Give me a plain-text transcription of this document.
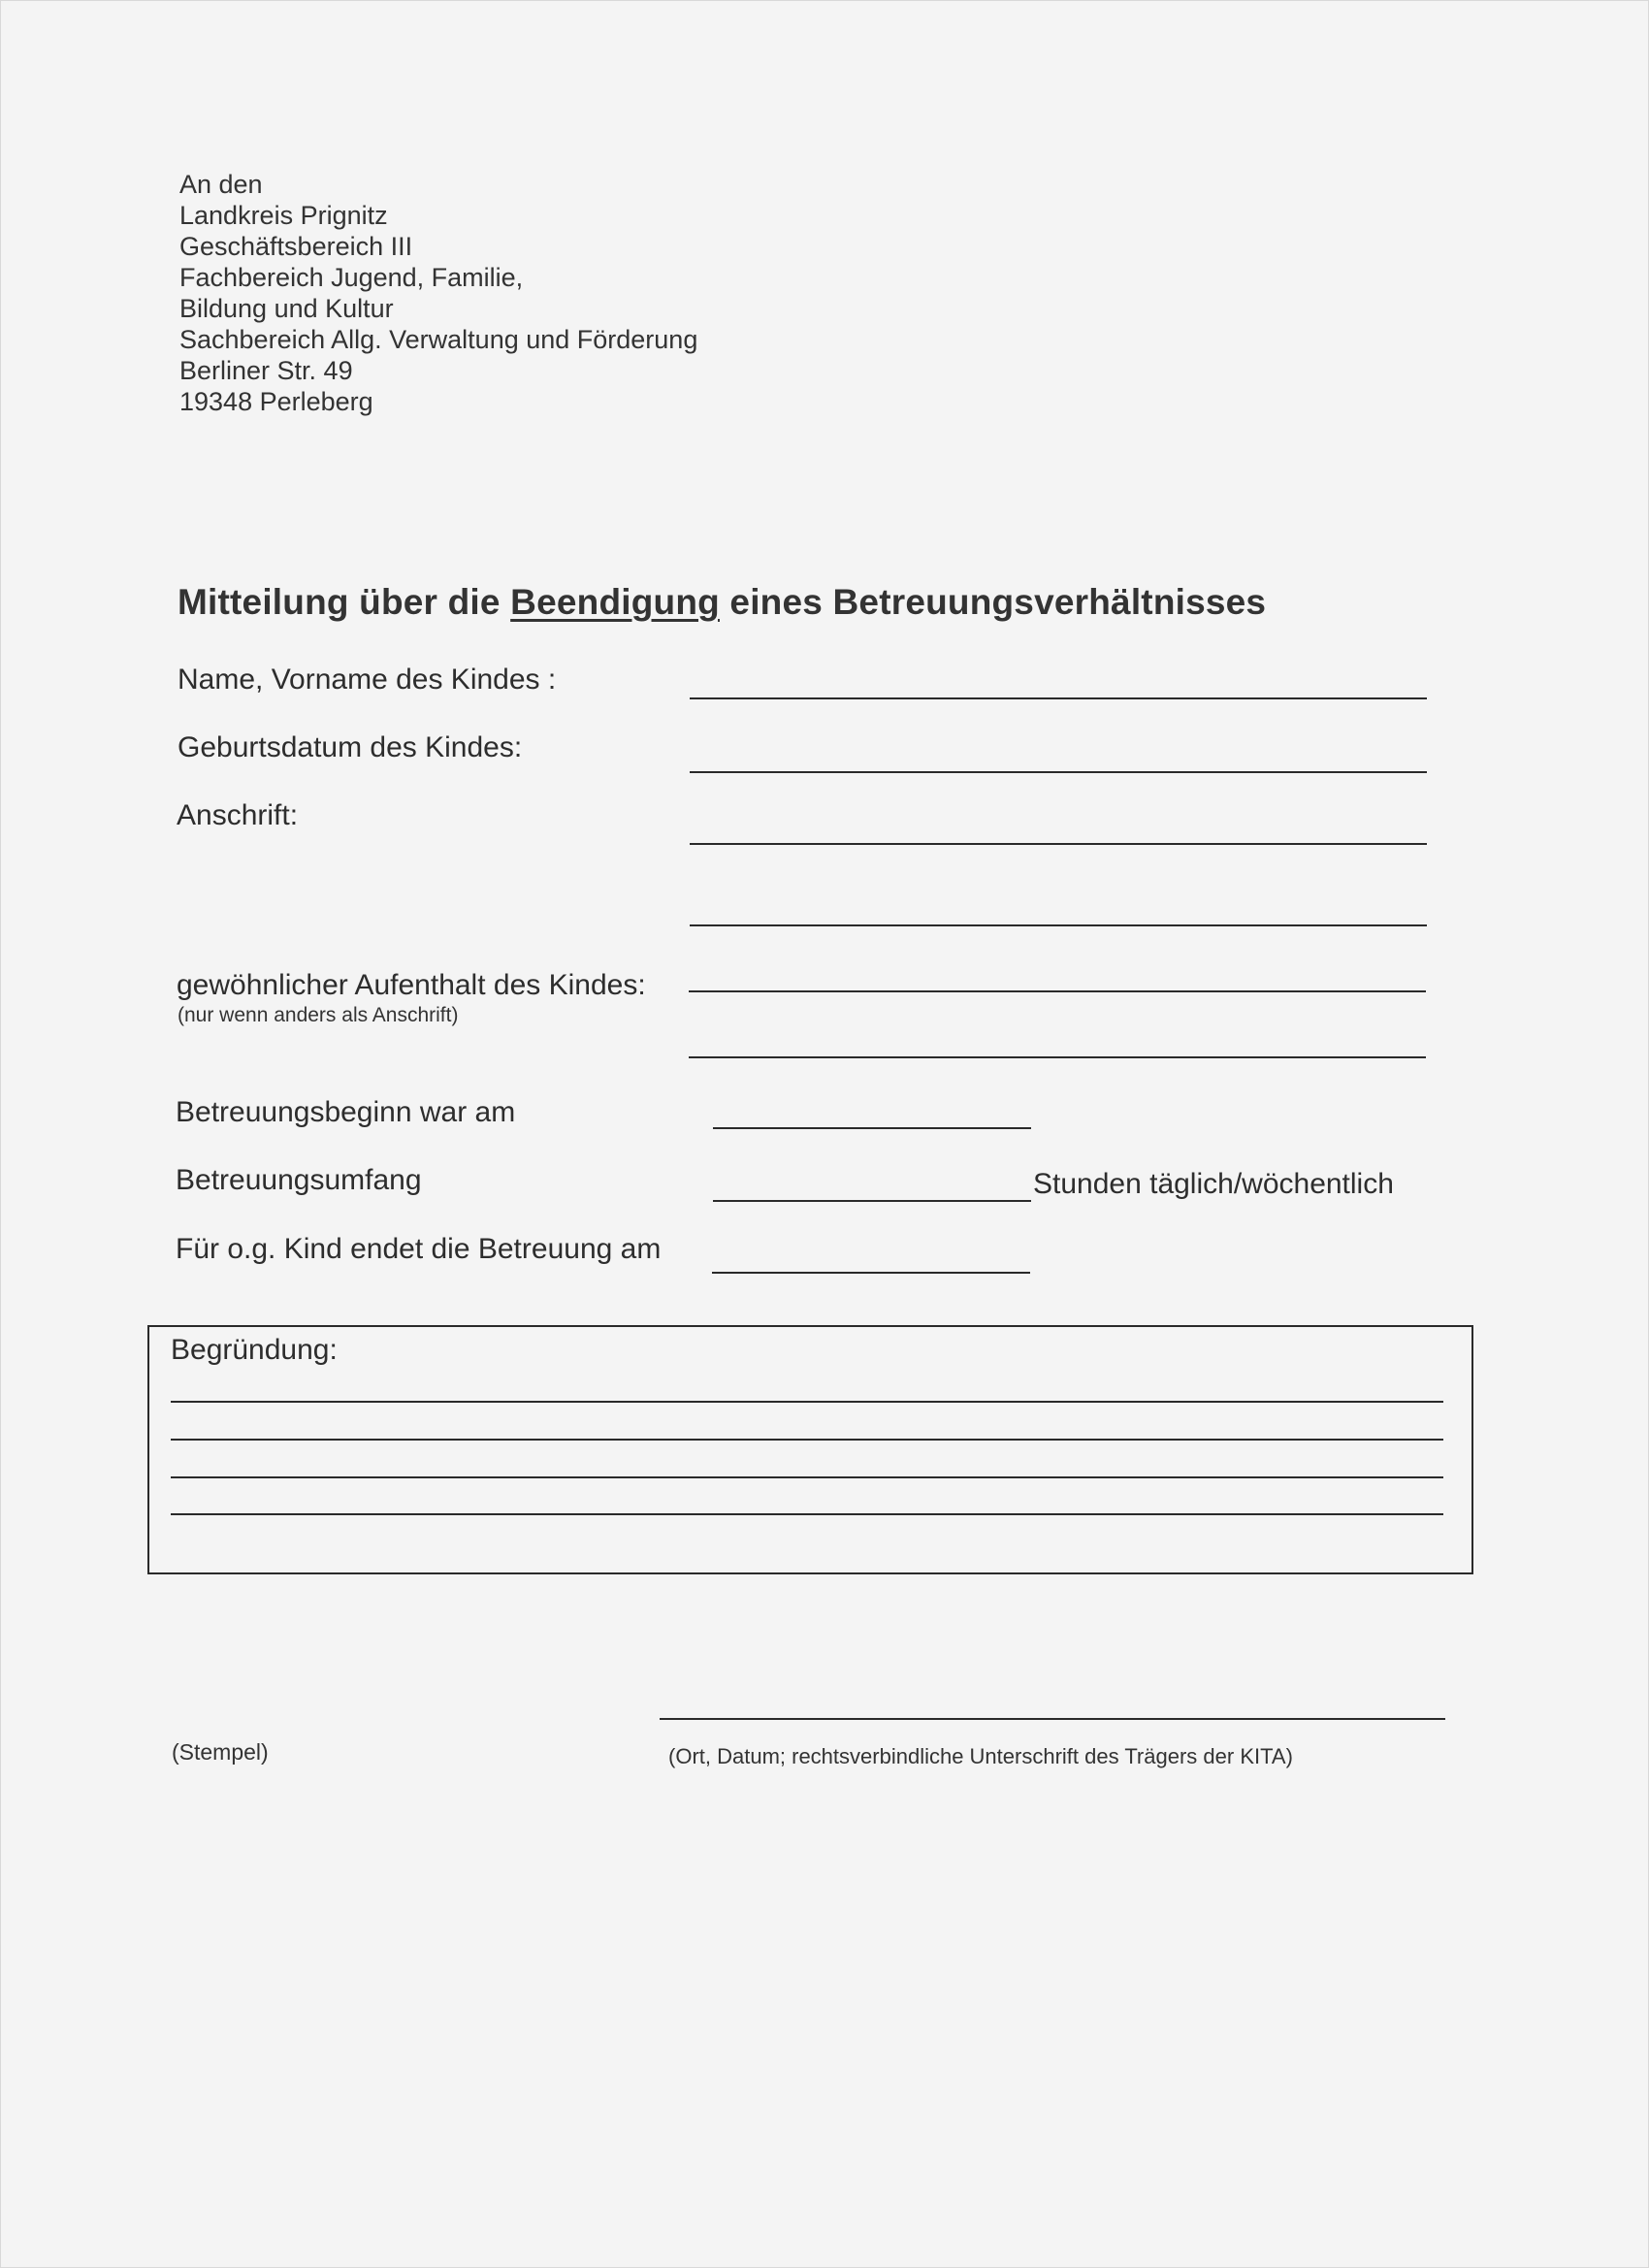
An den
Landkreis Prignitz
Geschäftsbereich III
Fachbereich Jugend, Familie,
Bildung und Kultur
Sachbereich Allg. Verwaltung und Förderung
Berliner Str. 49
19348 Perleberg
Mitteilung über die Beendigung eines Betreuungsverhältnisses
Name, Vorname des Kindes :
Geburtsdatum des Kindes:
Anschrift:
gewöhnlicher Aufenthalt des Kindes:
(nur wenn anders als Anschrift)
Betreuungsbeginn war am
Betreuungsumfang	Stunden täglich/wöchentlich
Für o.g. Kind endet die Betreuung am
Begründung:
(Stempel)	(Ort, Datum; rechtsverbindliche Unterschrift des Trägers der KITA)
